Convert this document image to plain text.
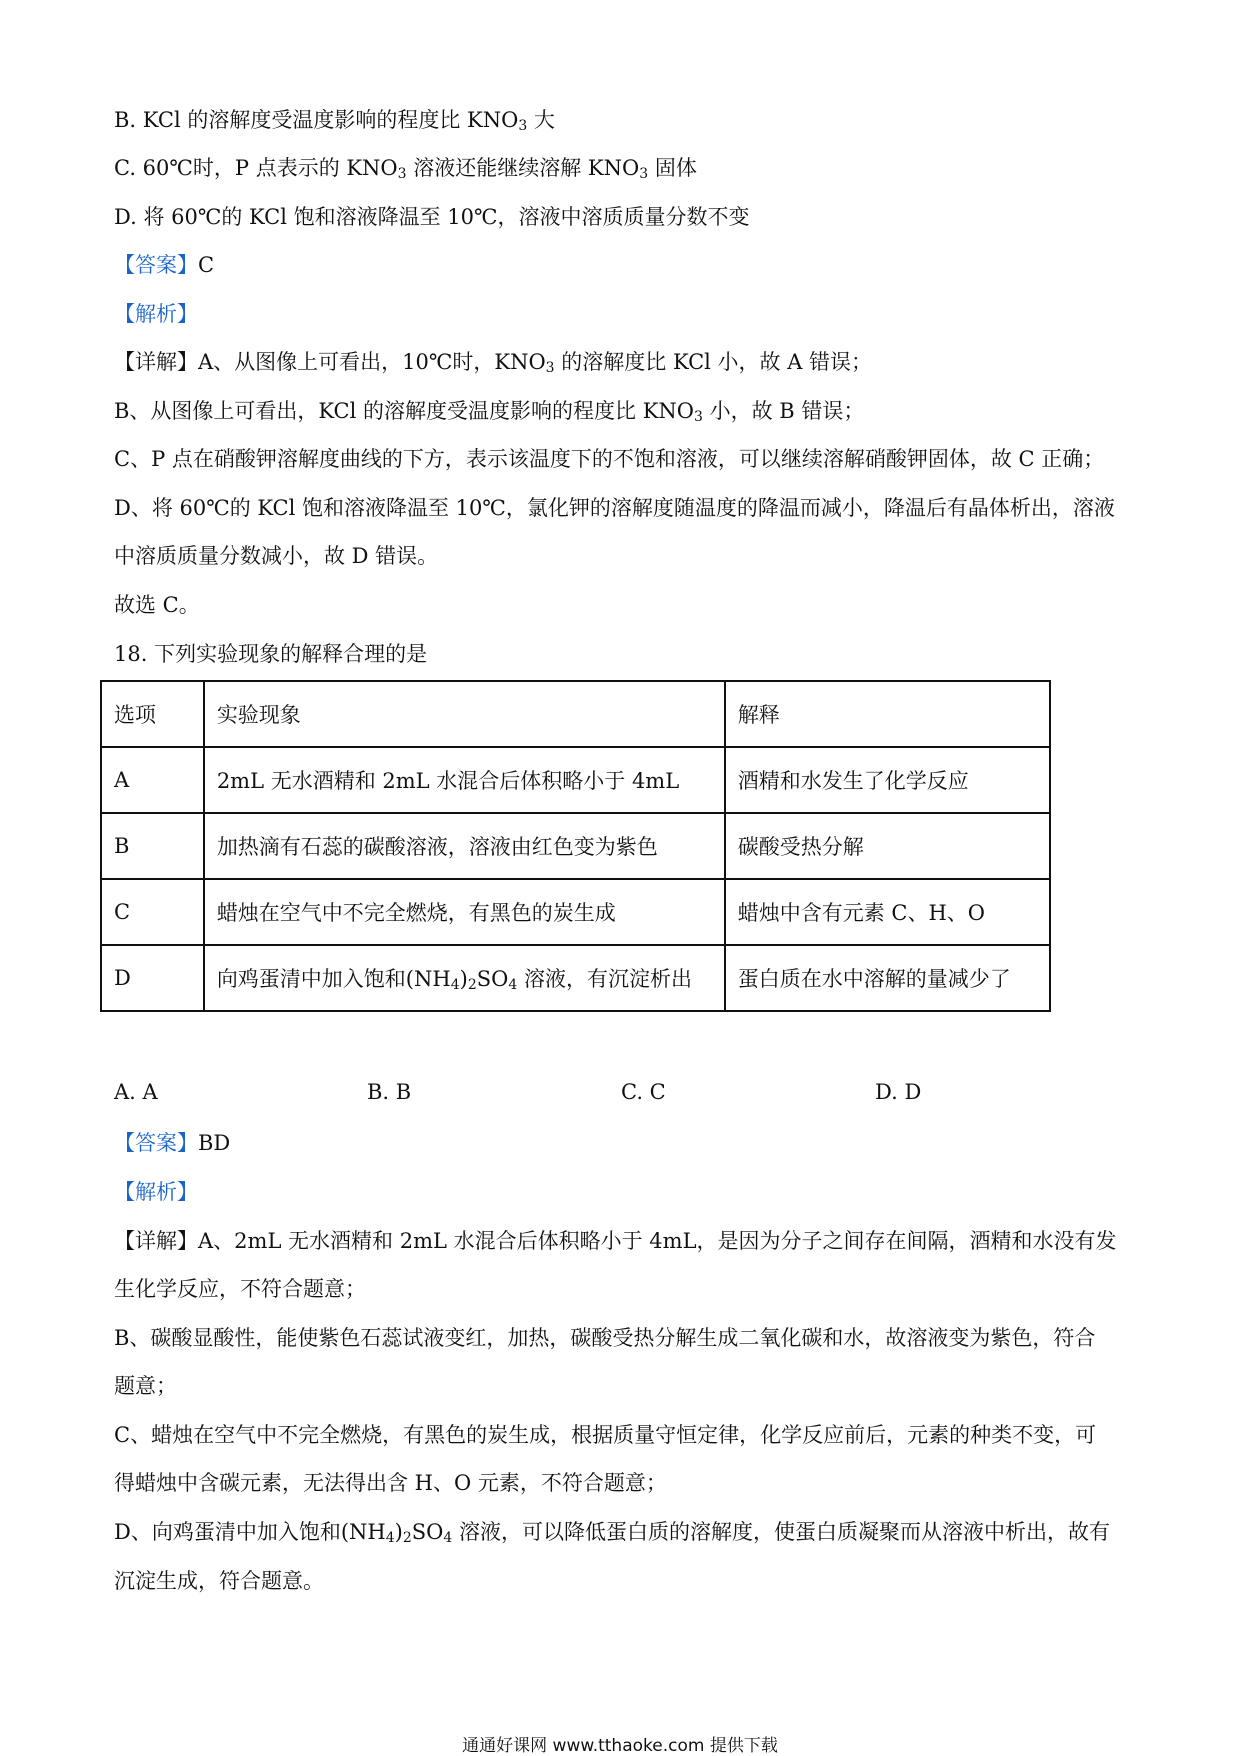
B. KCl 的溶解度受温度影响的程度比 $KNO_3$ 大
C. 60℃时，P 点表示的 $KNO_3$ 溶液还能继续溶解 $KNO_3$ 固体
D. 将 60℃的 KCl 饱和溶液降温至 10℃，溶液中溶质质量分数不变
【答案】C
【解析】
【详解】A、从图像上可看出，10℃时，$KNO_3$ 的溶解度比 KCl 小，故 A 错误；
B、从图像上可看出，KCl 的溶解度受温度影响的程度比 $KNO_3$ 小，故 B 错误；
C、P 点在硝酸钾溶解度曲线的下方，表示该温度下的不饱和溶液，可以继续溶解硝酸钾固体，故 C 正确；
D、将 60℃的 KCl 饱和溶液降温至 10℃，氯化钾的溶解度随温度的降温而减小，降温后有晶体析出，溶液
中溶质质量分数减小，故 D 错误。
故选 C。
18. 下列实验现象的解释合理的是
选项	实验现象	解释
A	2mL 无水酒精和 2mL 水混合后体积略小于 4mL	酒精和水发生了化学反应
B	加热滴有石蕊的碳酸溶液，溶液由红色变为紫色	碳酸受热分解
C	蜡烛在空气中不完全燃烧，有黑色的炭生成	蜡烛中含有元素 C、H、O
D	向鸡蛋清中加入饱和$(NH_4)_2SO_4$ 溶液，有沉淀析出	蛋白质在水中溶解的量减少了
A. A	B. B	C. C	D. D
【答案】BD
【解析】
【详解】A、2mL 无水酒精和 2mL 水混合后体积略小于 4mL，是因为分子之间存在间隔，酒精和水没有发
生化学反应，不符合题意；
B、碳酸显酸性，能使紫色石蕊试液变红，加热，碳酸受热分解生成二氧化碳和水，故溶液变为紫色，符合
题意；
C、蜡烛在空气中不完全燃烧，有黑色的炭生成，根据质量守恒定律，化学反应前后，元素的种类不变，可
得蜡烛中含碳元素，无法得出含 H、O 元素，不符合题意；
D、向鸡蛋清中加入饱和$(NH_4)_2SO_4$ 溶液，可以降低蛋白质的溶解度，使蛋白质凝聚而从溶液中析出，故有
沉淀生成，符合题意。
通通好课网 www.tthaoke.com 提供下载
